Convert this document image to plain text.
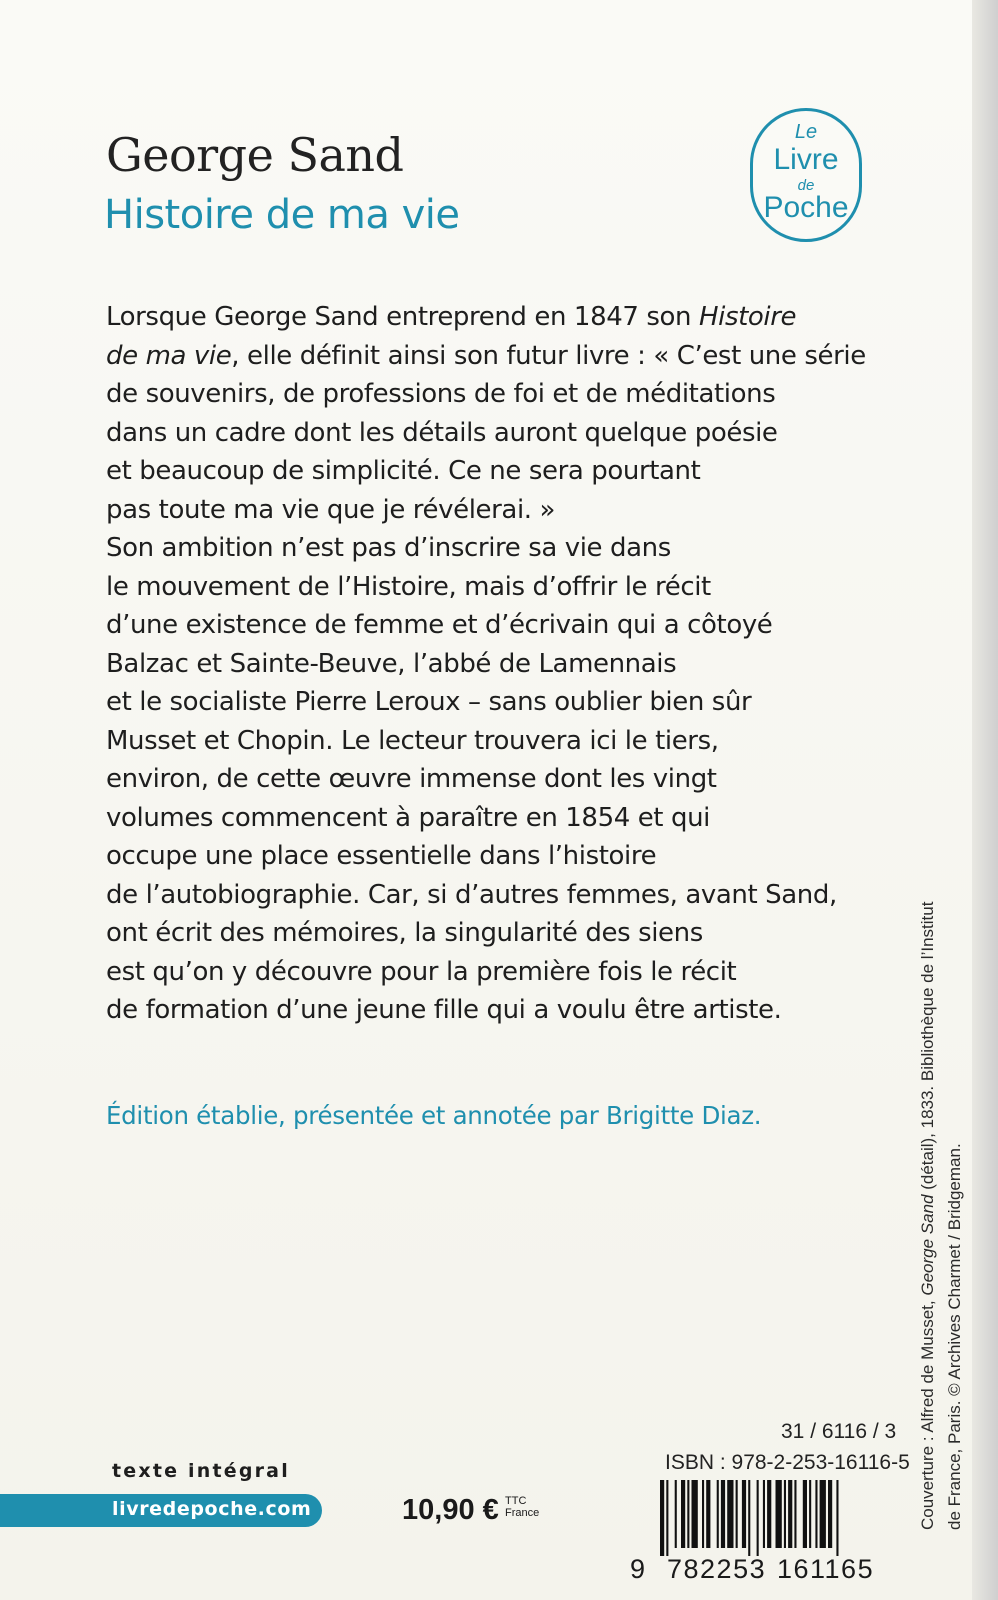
George Sand
Histoire de ma vie
Le
Livre
de
Poche
Lorsque George Sand entreprend en 1847 son Histoire
de ma vie, elle définit ainsi son futur livre : « C’est une série
de souvenirs, de professions de foi et de méditations
dans un cadre dont les détails auront quelque poésie
et beaucoup de simplicité. Ce ne sera pourtant
pas toute ma vie que je révélerai. »
Son ambition n’est pas d’inscrire sa vie dans
le mouvement de l’Histoire, mais d’offrir le récit
d’une existence de femme et d’écrivain qui a côtoyé
Balzac et Sainte-Beuve, l’abbé de Lamennais
et le socialiste Pierre Leroux – sans oublier bien sûr
Musset et Chopin. Le lecteur trouvera ici le tiers,
environ, de cette œuvre immense dont les vingt
volumes commencent à paraître en 1854 et qui
occupe une place essentielle dans l’histoire
de l’autobiographie. Car, si d’autres femmes, avant Sand,
ont écrit des mémoires, la singularité des siens
est qu’on y découvre pour la première fois le récit
de formation d’une jeune fille qui a voulu être artiste.
Édition établie, présentée et annotée par Brigitte Diaz.
Couverture : Alfred de Musset, George Sand (détail), 1833. Bibliothèque de l’Institut
de France, Paris. © Archives Charmet / Bridgeman.
texte intégral
livredepoche.com	10,90 € TTC
France
31 / 6116 / 3
ISBN : 978-2-253-16116-5
9 782253 161165
